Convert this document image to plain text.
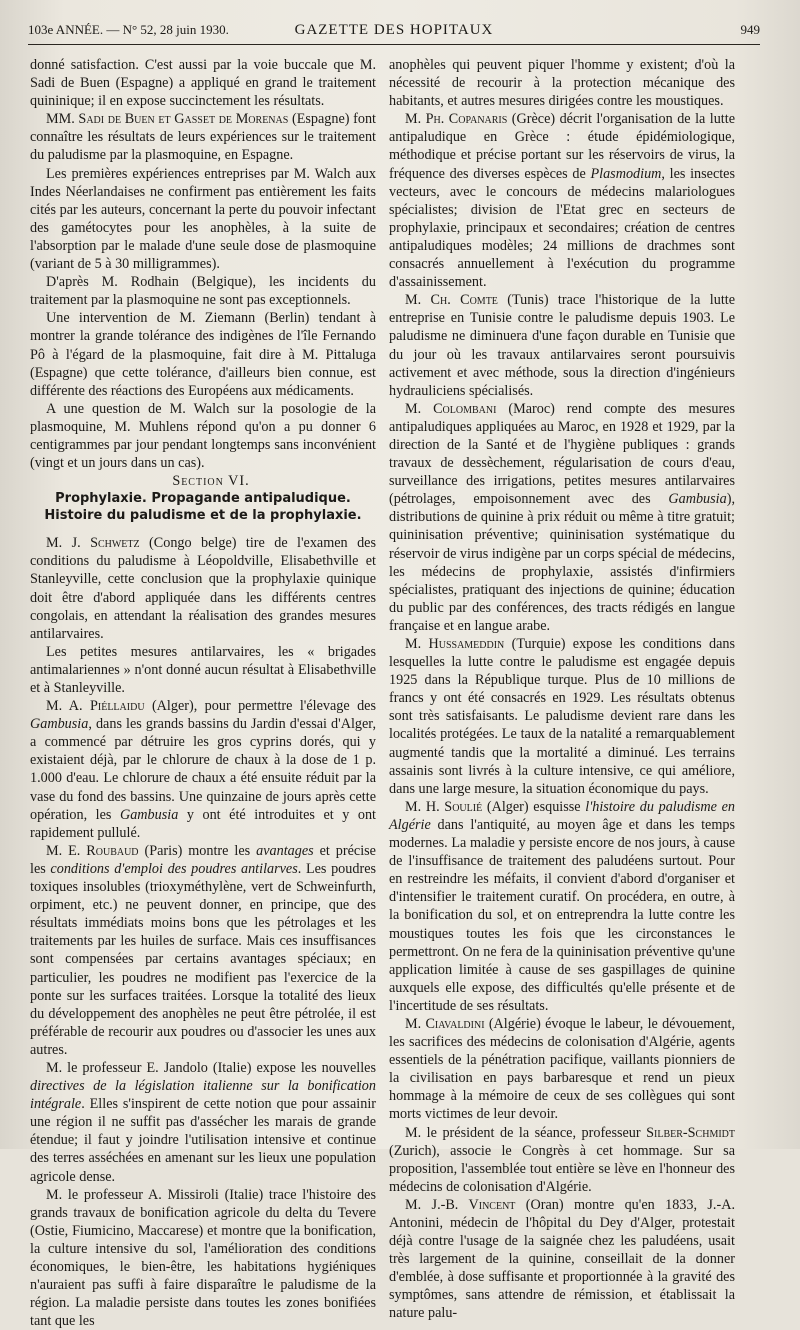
103e ANNÉE. — N° 52, 28 juin 1930.	GAZETTE DES HOPITAUX	949

donné satisfaction. C'est aussi par la voie buccale que M. Sadi de Buen (Espagne) a appliqué en grand le traitement quininique; il en expose succinctement les résultats.

MM. Sadi de Buen et Gasset de Morenas (Espagne) font connaître les résultats de leurs expériences sur le traitement du paludisme par la plasmoquine, en Espagne.

Les premières expériences entreprises par M. Walch aux Indes Néerlandaises ne confirment pas entièrement les faits cités par les auteurs, concernant la perte du pouvoir infectant des gamétocytes pour les anophèles, à la suite de l'absorption par le malade d'une seule dose de plasmoquine (variant de 5 à 30 milligrammes).

D'après M. Rodhain (Belgique), les incidents du traitement par la plasmoquine ne sont pas exceptionnels.

Une intervention de M. Ziemann (Berlin) tendant à montrer la grande tolérance des indigènes de l'île Fernando Pô à l'égard de la plasmoquine, fait dire à M. Pittaluga (Espagne) que cette tolérance, d'ailleurs bien connue, est différente des réactions des Européens aux médicaments.

A une question de M. Walch sur la posologie de la plasmoquine, M. Muhlens répond qu'on a pu donner 6 centigrammes par jour pendant longtemps sans inconvénient (vingt et un jours dans un cas).

Section VI.

Prophylaxie. Propagande antipaludique.
Histoire du paludisme et de la prophylaxie.

M. J. Schwetz (Congo belge) tire de l'examen des conditions du paludisme à Léopoldville, Elisabethville et Stanleyville, cette conclusion que la prophylaxie quinique doit être d'abord appliquée dans les différents centres congolais, en attendant la réalisation des grandes mesures antilarvaires.

Les petites mesures antilarvaires, les « brigades antimalariennes » n'ont donné aucun résultat à Elisabethville et à Stanleyville.

M. A. Piéllaidu (Alger), pour permettre l'élevage des Gambusia, dans les grands bassins du Jardin d'essai d'Alger, a commencé par détruire les gros cyprins dorés, qui y existaient déjà, par le chlorure de chaux à la dose de 1 p. 1.000 d'eau. Le chlorure de chaux a été ensuite réduit par la vase du fond des bassins. Une quinzaine de jours après cette opération, les Gambusia y ont été introduites et y ont rapidement pullulé.

M. E. Roubaud (Paris) montre les avantages et précise les conditions d'emploi des poudres antilarves. Les poudres toxiques insolubles (trioxyméthylène, vert de Schweinfurth, orpiment, etc.) ne peuvent donner, en principe, que des résultats immédiats moins bons que les pétrolages et les traitements par les huiles de surface. Mais ces insuffisances sont compensées par certains avantages spéciaux; en particulier, les poudres ne modifient pas l'exercice de la ponte sur les surfaces traitées. Lorsque la totalité des lieux du développement des anophèles ne peut être pétrolée, il est préférable de recourir aux poudres ou d'associer les unes aux autres.

M. le professeur E. Jandolo (Italie) expose les nouvelles directives de la législation italienne sur la bonification intégrale. Elles s'inspirent de cette notion que pour assainir une région il ne suffit pas d'assécher les marais de grande étendue; il faut y joindre l'utilisation intensive et continue des terres asséchées en amenant sur les lieux une population agricole dense.

M. le professeur A. Missiroli (Italie) trace l'histoire des grands travaux de bonification agricole du delta du Tevere (Ostie, Fiumicino, Maccarese) et montre que la bonification, la culture intensive du sol, l'amélioration des conditions économiques, le bien-être, les habitations hygiéniques n'auraient pas suffi à faire disparaître le paludisme de la région. La maladie persiste dans toutes les zones bonifiées tant que les

anophèles qui peuvent piquer l'homme y existent; d'où la nécessité de recourir à la protection mécanique des habitants, et autres mesures dirigées contre les moustiques.

M. Ph. Copanaris (Grèce) décrit l'organisation de la lutte antipaludique en Grèce : étude épidémiologique, méthodique et précise portant sur les réservoirs de virus, la fréquence des diverses espèces de Plasmodium, les insectes vecteurs, avec le concours de médecins malariologues spécialistes; division de l'Etat grec en secteurs de prophylaxie, principaux et secondaires; création de centres antipaludiques modèles; 24 millions de drachmes sont consacrés annuellement à l'exécution du programme d'assainissement.

M. Ch. Comte (Tunis) trace l'historique de la lutte entreprise en Tunisie contre le paludisme depuis 1903. Le paludisme ne diminuera d'une façon durable en Tunisie que du jour où les travaux antilarvaires seront poursuivis activement et avec méthode, sous la direction d'ingénieurs hydrauliciens spécialisés.

M. Colombani (Maroc) rend compte des mesures antipaludiques appliquées au Maroc, en 1928 et 1929, par la direction de la Santé et de l'hygiène publiques : grands travaux de dessèchement, régularisation de cours d'eau, surveillance des irrigations, petites mesures antilarvaires (pétrolages, empoisonnement avec des Gambusia), distributions de quinine à prix réduit ou même à titre gratuit; quininisation préventive; quininisation systématique du réservoir de virus indigène par un corps spécial de médecins, les médecins de prophylaxie, assistés d'infirmiers spécialistes, pratiquant des injections de quinine; éducation du public par des conférences, des tracts rédigés en langue française et en langue arabe.

M. Hussameddin (Turquie) expose les conditions dans lesquelles la lutte contre le paludisme est engagée depuis 1925 dans la République turque. Plus de 10 millions de francs y ont été consacrés en 1929. Les résultats obtenus sont très satisfaisants. Le paludisme devient rare dans les localités protégées. Le taux de la natalité a remarquablement augmenté tandis que la mortalité a diminué. Les terrains assainis sont livrés à la culture intensive, ce qui améliore, dans une large mesure, la situation économique du pays.

M. H. Soulié (Alger) esquisse l'histoire du paludisme en Algérie dans l'antiquité, au moyen âge et dans les temps modernes. La maladie y persiste encore de nos jours, à cause de l'insuffisance de traitement des paludéens surtout. Pour en restreindre les méfaits, il convient d'abord d'organiser et d'intensifier le traitement curatif. On procédera, en outre, à la bonification du sol, et on entreprendra la lutte contre les moustiques toutes les fois que les circonstances le permettront. On ne fera de la quininisation préventive qu'une application limitée à cause de ses gaspillages de quinine auxquels elle expose, des difficultés qu'elle présente et de l'incertitude de ses résultats.

M. Ciavaldini (Algérie) évoque le labeur, le dévouement, les sacrifices des médecins de colonisation d'Algérie, agents essentiels de la pénétration pacifique, vaillants pionniers de la civilisation en pays barbaresque et rend un pieux hommage à la mémoire de ceux de ses collègues qui sont morts victimes de leur devoir.

M. le président de la séance, professeur Silber-Schmidt (Zurich), associe le Congrès à cet hommage. Sur sa proposition, l'assemblée tout entière se lève en l'honneur des médecins de colonisation d'Algérie.

M. J.-B. Vincent (Oran) montre qu'en 1833, J.-A. Antonini, médecin de l'hôpital du Dey d'Alger, protestait déjà contre l'usage de la saignée chez les paludéens, usait très largement de la quinine, conseillait de la donner d'emblée, à dose suffisante et proportionnée à la gravité des symptômes, sans attendre de rémission, et établissait la nature palu-
